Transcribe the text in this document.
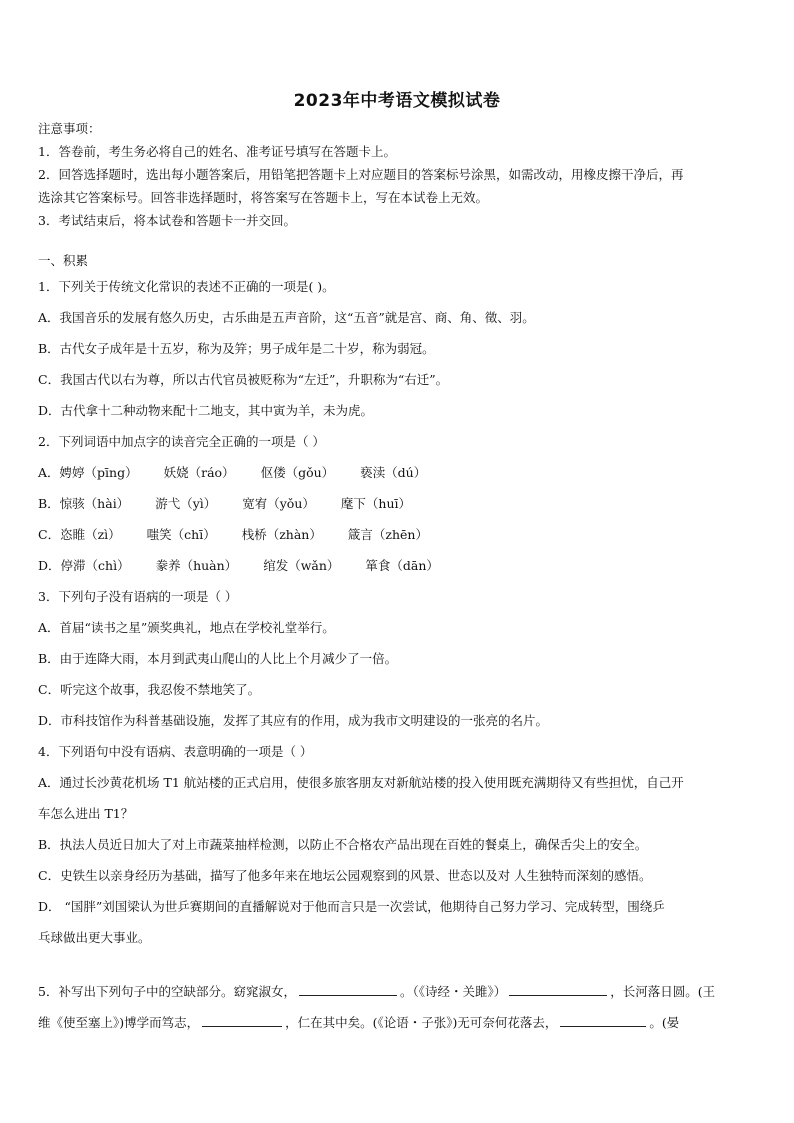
2023年中考语文模拟试卷
注意事项：
1．答卷前，考生务必将自己的姓名、准考证号填写在答题卡上。
2．回答选择题时，选出每小题答案后，用铅笔把答题卡上对应题目的答案标号涂黑，如需改动，用橡皮擦干净后，再
选涂其它答案标号。回答非选择题时，将答案写在答题卡上，写在本试卷上无效。
3．考试结束后，将本试卷和答题卡一并交回。
一、积累
1．下列关于传统文化常识的表述不正确的一项是( )。
A．我国音乐的发展有悠久历史，古乐曲是五声音阶，这“五音”就是宫、商、角、徵、羽。
B．古代女子成年是十五岁，称为及笄；男子成年是二十岁，称为弱冠。
C．我国古代以右为尊，所以古代官员被贬称为“左迁”，升职称为“右迁”。
D．古代拿十二种动物来配十二地支，其中寅为羊，未为虎。
2．下列词语中加点字的读音完全正确的一项是（ ）
A．娉婷（pīng） 妖娆（ráo） 伛偻（gǒu） 亵渎（dú）
B．惊骇（hài） 游弋（yì） 宽宥（yǒu） 麾下（huī）
C．恣睢（zì） 嗤笑（chī） 栈桥（zhàn） 箴言（zhēn）
D．停滞（chì） 豢养（huàn） 绾发（wǎn） 箪食（dān）
3．下列句子没有语病的一项是（ ）
A．首届“读书之星”颁奖典礼，地点在学校礼堂举行。
B．由于连降大雨，本月到武夷山爬山的人比上个月减少了一倍。
C．听完这个故事，我忍俊不禁地笑了。
D．市科技馆作为科普基础设施，发挥了其应有的作用，成为我市文明建设的一张亮的名片。
4．下列语句中没有语病、表意明确的一项是（ ）
A．通过长沙黄花机场 T1 航站楼的正式启用，使很多旅客朋友对新航站楼的投入使用既充满期待又有些担忧，自己开
车怎么进出 T1？
B．执法人员近日加大了对上市蔬菜抽样检测，以防止不合格农产品出现在百姓的餐桌上，确保舌尖上的安全。
C．史铁生以亲身经历为基础，描写了他多年来在地坛公园观察到的风景、世态以及对 人生独特而深刻的感悟。
D． “国胖”刘国梁认为世乒赛期间的直播解说对于他而言只是一次尝试，他期待自己努力学习、完成转型，围绕乒
乓球做出更大事业。
5．补写出下列句子中的空缺部分。窈窕淑女，	。（《诗经・关雎》）	，长河落日圆。(王
维《使至塞上》)博学而笃志，	，仁在其中矣。(《论语・子张》)无可奈何花落去，	。(晏
